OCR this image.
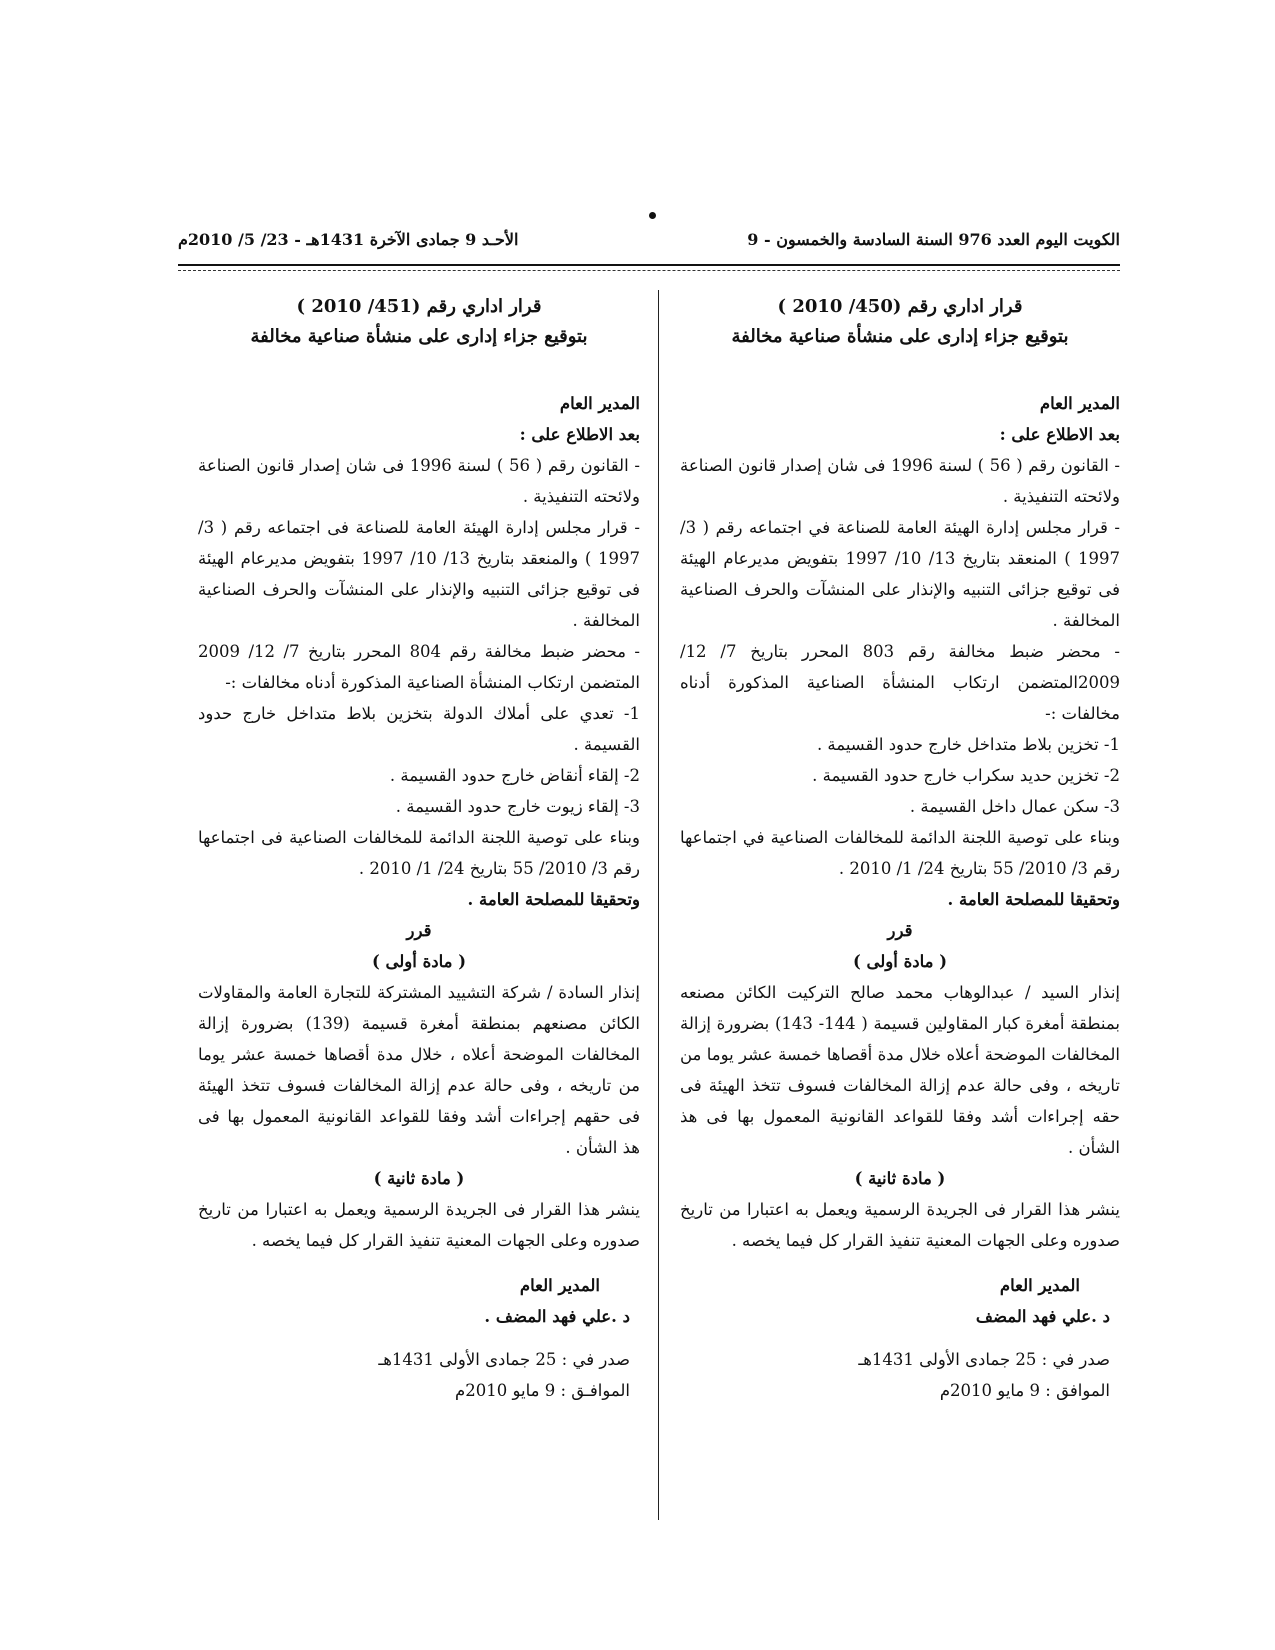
الأحـد 9 جمادى الآخرة 1431هـ - 23/ 5/ 2010م	الكويت اليوم العدد 976 السنة السادسة والخمسون - 9

قرار اداري رقم (450/ 2010 )

بتوقيع جزاء إدارى على منشأة صناعية مخالفة

المدير العام

بعد الاطلاع على :

- القانون رقم ( 56 ) لسنة 1996 فى شان إصدار قانون الصناعة ولائحته التنفيذية .

- قرار مجلس إدارة الهيئة العامة للصناعة في اجتماعه رقم ( 3/ 1997 ) المنعقد بتاريخ 13/ 10/ 1997 بتفويض مديرعام الهيئة فى توقيع جزائى التنبيه والإنذار على المنشآت والحرف الصناعية المخالفة .

- محضر ضبط مخالفة رقم 803 المحرر بتاريخ 7/ 12/ 2009المتضمن ارتكاب المنشأة الصناعية المذكورة أدناه مخالفات :-

1- تخزين بلاط متداخل خارج حدود القسيمة .

2- تخزين حديد سكراب خارج حدود القسيمة .

3- سكن عمال داخل القسيمة .

وبناء على توصية اللجنة الدائمة للمخالفات الصناعية في اجتماعها رقم 3/ 2010/ 55 بتاريخ 24/ 1/ 2010 .

وتحقيقا للمصلحة العامة .

قرر

( مادة أولى )

إنذار السيد / عبدالوهاب محمد صالح التركيت الكائن مصنعه بمنطقة أمغرة كبار المقاولين قسيمة ( 144- 143) بضرورة إزالة المخالفات الموضحة أعلاه خلال مدة أقصاها خمسة عشر يوما من تاريخه ، وفى حالة عدم إزالة المخالفات فسوف تتخذ الهيئة فى حقه إجراءات أشد وفقا للقواعد القانونية المعمول بها فى هذ الشأن .

( مادة ثانية )

ينشر هذا القرار فى الجريدة الرسمية ويعمل به اعتبارا من تاريخ صدوره وعلى الجهات المعنية تنفيذ القرار كل فيما يخصه .

المدير العام

د .علي فهد المضف

صدر في : 25 جمادى الأولى 1431هـ

الموافق : 9 مايو 2010م

قرار اداري رقم (451/ 2010 )

بتوقيع جزاء إدارى على منشأة صناعية مخالفة

المدير العام

بعد الاطلاع على :

- القانون رقم ( 56 ) لسنة 1996 فى شان إصدار قانون الصناعة ولائحته التنفيذية .

- قرار مجلس إدارة الهيئة العامة للصناعة فى اجتماعه رقم ( 3/ 1997 ) والمنعقد بتاريخ 13/ 10/ 1997 بتفويض مديرعام الهيئة فى توقيع جزائى التنبيه والإنذار على المنشآت والحرف الصناعية المخالفة .

- محضر ضبط مخالفة رقم 804 المحرر بتاريخ 7/ 12/ 2009 المتضمن ارتكاب المنشأة الصناعية المذكورة أدناه مخالفات :-

1- تعدي على أملاك الدولة بتخزين بلاط متداخل خارج حدود القسيمة .

2- إلقاء أنقاض خارج حدود القسيمة .

3- إلقاء زيوت خارج حدود القسيمة .

وبناء على توصية اللجنة الدائمة للمخالفات الصناعية فى اجتماعها رقم 3/ 2010/ 55 بتاريخ 24/ 1/ 2010 .

وتحقيقا للمصلحة العامة .

قرر

( مادة أولى )

إنذار السادة / شركة التشييد المشتركة للتجارة العامة والمقاولات الكائن مصنعهم بمنطقة أمغرة قسيمة (139) بضرورة إزالة المخالفات الموضحة أعلاه ، خلال مدة أقصاها خمسة عشر يوما من تاريخه ، وفى حالة عدم إزالة المخالفات فسوف تتخذ الهيئة فى حقهم إجراءات أشد وفقا للقواعد القانونية المعمول بها فى هذ الشأن .

( مادة ثانية )

ينشر هذا القرار فى الجريدة الرسمية ويعمل به اعتبارا من تاريخ صدوره وعلى الجهات المعنية تنفيذ القرار كل فيما يخصه .

المدير العام

د .علي فهد المضف .

صدر في : 25 جمادى الأولى 1431هـ

الموافـق : 9 مايو 2010م
